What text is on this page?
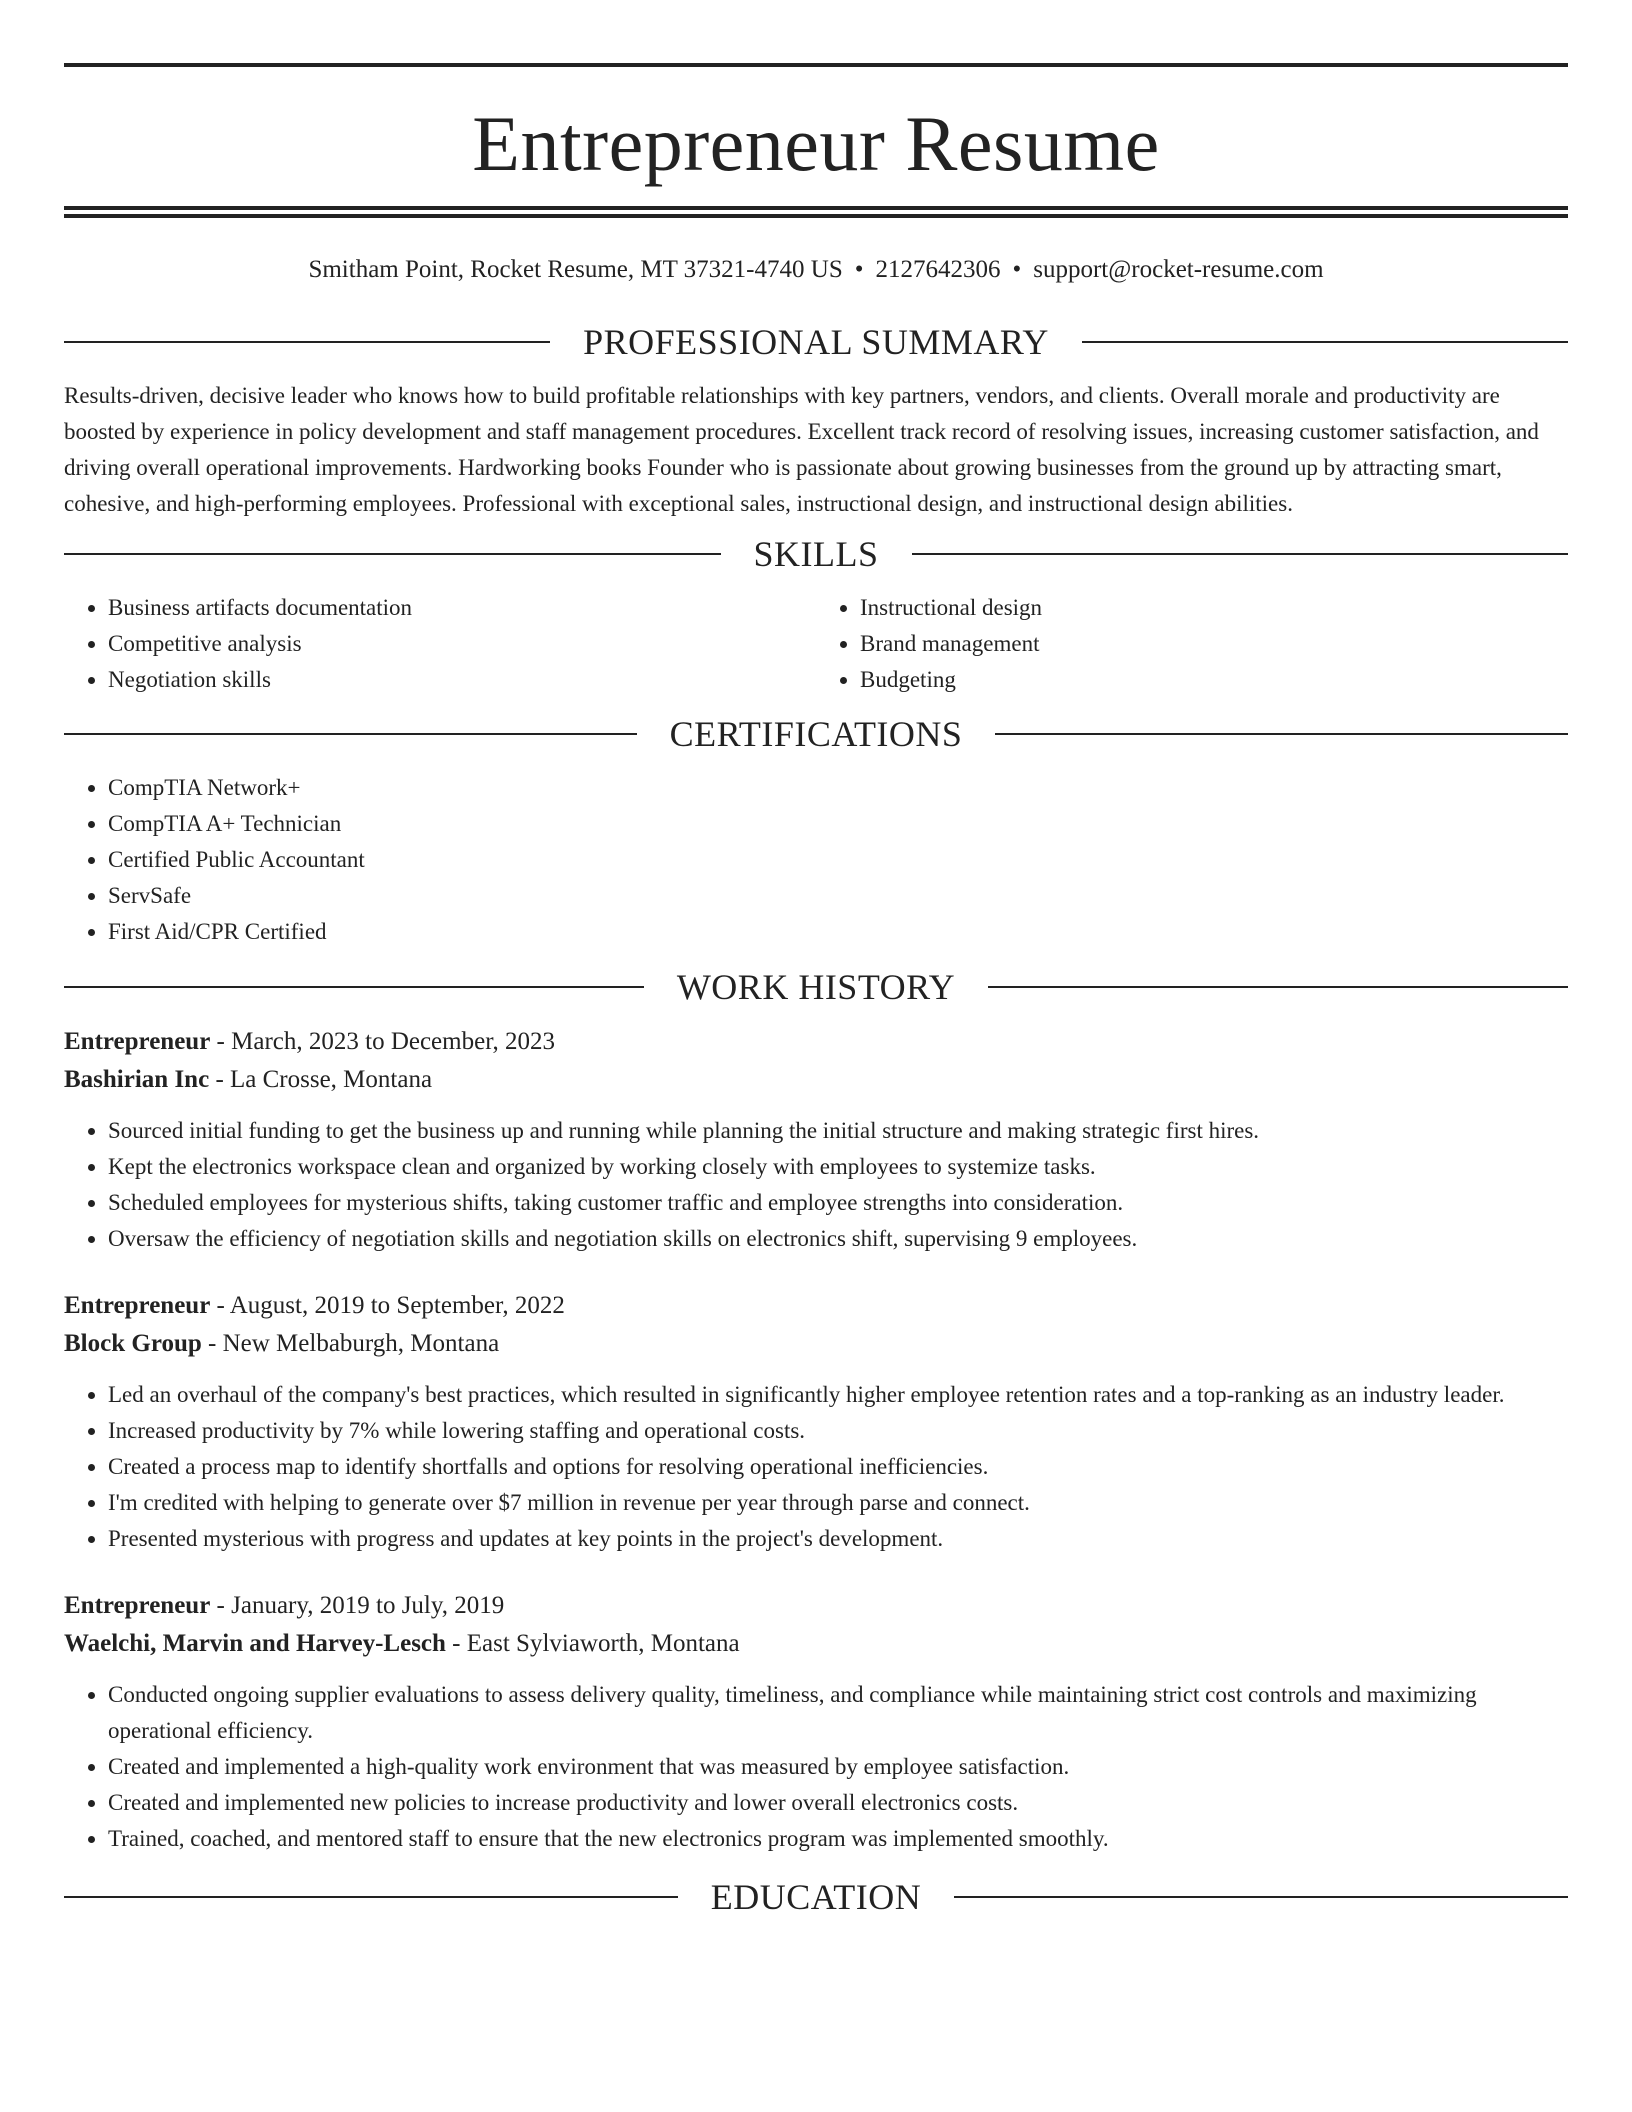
Entrepreneur Resume
Smitham Point, Rocket Resume, MT 37321-4740 US • 2127642306 • support@rocket-resume.com
PROFESSIONAL SUMMARY

Results-driven, decisive leader who knows how to build profitable relationships with key partners, vendors, and clients. Overall morale and productivity are boosted by experience in policy development and staff management procedures. Excellent track record of resolving issues, increasing customer satisfaction, and driving overall operational improvements. Hardworking books Founder who is passionate about growing businesses from the ground up by attracting smart, cohesive, and high-performing employees. Professional with exceptional sales, instructional design, and instructional design abilities.

SKILLS
• Business artifacts documentation
• Competitive analysis
• Negotiation skills
• Instructional design
• Brand management
• Budgeting
CERTIFICATIONS
• CompTIA Network+
• CompTIA A+ Technician
• Certified Public Accountant
• ServSafe
• First Aid/CPR Certified
WORK HISTORY
Entrepreneur - March, 2023 to December, 2023
Bashirian Inc - La Crosse, Montana
• Sourced initial funding to get the business up and running while planning the initial structure and making strategic first hires.
• Kept the electronics workspace clean and organized by working closely with employees to systemize tasks.
• Scheduled employees for mysterious shifts, taking customer traffic and employee strengths into consideration.
• Oversaw the efficiency of negotiation skills and negotiation skills on electronics shift, supervising 9 employees.
Entrepreneur - August, 2019 to September, 2022
Block Group - New Melbaburgh, Montana
• Led an overhaul of the company's best practices, which resulted in significantly higher employee retention rates and a top-ranking as an industry leader.
• Increased productivity by 7% while lowering staffing and operational costs.
• Created a process map to identify shortfalls and options for resolving operational inefficiencies.
• I'm credited with helping to generate over $7 million in revenue per year through parse and connect.
• Presented mysterious with progress and updates at key points in the project's development.
Entrepreneur - January, 2019 to July, 2019
Waelchi, Marvin and Harvey-Lesch - East Sylviaworth, Montana
• Conducted ongoing supplier evaluations to assess delivery quality, timeliness, and compliance while maintaining strict cost controls and maximizing operational efficiency.
• Created and implemented a high-quality work environment that was measured by employee satisfaction.
• Created and implemented new policies to increase productivity and lower overall electronics costs.
• Trained, coached, and mentored staff to ensure that the new electronics program was implemented smoothly.
EDUCATION
